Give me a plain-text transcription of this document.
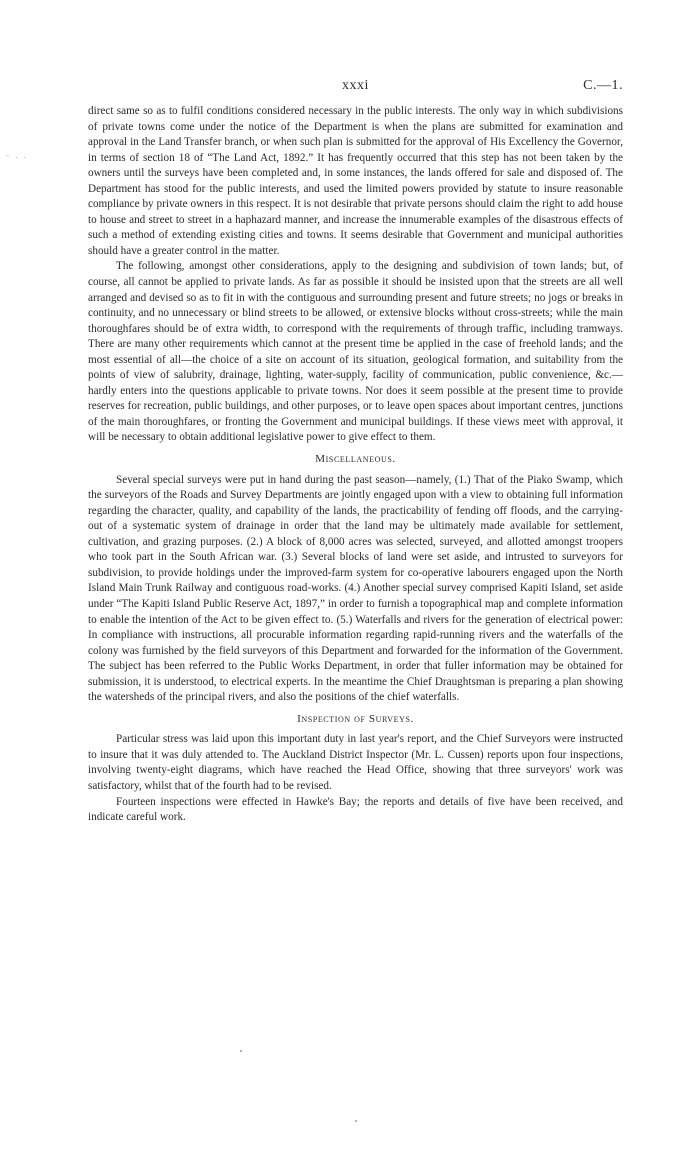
xxxi	C.—1.
- . .

direct same so as to fulfil conditions considered necessary in the public interests. The only way in which subdivisions of private towns come under the notice of the Department is when the plans are submitted for examination and approval in the Land Transfer branch, or when such plan is submitted for the approval of His Excellency the Governor, in terms of section 18 of “The Land Act, 1892.” It has frequently occurred that this step has not been taken by the owners until the surveys have been completed and, in some instances, the lands offered for sale and disposed of. The Department has stood for the public interests, and used the limited powers provided by statute to insure reasonable compliance by private owners in this respect. It is not desirable that private persons should claim the right to add house to house and street to street in a haphazard manner, and increase the innumerable examples of the disastrous effects of such a method of extending existing cities and towns. It seems desirable that Government and municipal authorities should have a greater control in the matter.

The following, amongst other considerations, apply to the designing and subdivision of town lands; but, of course, all cannot be applied to private lands. As far as possible it should be insisted upon that the streets are all well arranged and devised so as to fit in with the contiguous and surrounding present and future streets; no jogs or breaks in continuity, and no unnecessary or blind streets to be allowed, or extensive blocks without cross-streets; while the main thoroughfares should be of extra width, to correspond with the requirements of through traffic, including tramways. There are many other requirements which cannot at the present time be applied in the case of freehold lands; and the most essential of all—the choice of a site on account of its situation, geological formation, and suitability from the points of view of salubrity, drainage, lighting, water-supply, facility of communication, public convenience, &c.—hardly enters into the questions applicable to private towns. Nor does it seem possible at the present time to provide reserves for recreation, public buildings, and other purposes, or to leave open spaces about important centres, junctions of the main thoroughfares, or fronting the Government and municipal buildings. If these views meet with approval, it will be necessary to obtain additional legislative power to give effect to them.

Miscellaneous.

Several special surveys were put in hand during the past season—namely, (1.) That of the Piako Swamp, which the surveyors of the Roads and Survey Departments are jointly engaged upon with a view to obtaining full information regarding the character, quality, and capability of the lands, the practicability of fending off floods, and the carrying-out of a systematic system of drainage in order that the land may be ultimately made available for settlement, cultivation, and grazing purposes. (2.) A block of 8,000 acres was selected, surveyed, and allotted amongst troopers who took part in the South African war. (3.) Several blocks of land were set aside, and intrusted to surveyors for subdivision, to provide holdings under the improved-farm system for co-operative labourers engaged upon the North Island Main Trunk Railway and contiguous road-works. (4.) Another special survey comprised Kapiti Island, set aside under “The Kapiti Island Public Reserve Act, 1897,” in order to furnish a topographical map and complete information to enable the intention of the Act to be given effect to. (5.) Waterfalls and rivers for the generation of electrical power: In compliance with instructions, all procurable information regarding rapid-running rivers and the waterfalls of the colony was furnished by the field surveyors of this Department and forwarded for the information of the Government. The subject has been referred to the Public Works Department, in order that fuller information may be obtained for submission, it is understood, to electrical experts. In the meantime the Chief Draughtsman is preparing a plan showing the watersheds of the principal rivers, and also the positions of the chief waterfalls.

Inspection of Surveys.

Particular stress was laid upon this important duty in last year's report, and the Chief Surveyors were instructed to insure that it was duly attended to. The Auckland District Inspector (Mr. L. Cussen) reports upon four inspections, involving twenty-eight diagrams, which have reached the Head Office, showing that three surveyors' work was satisfactory, whilst that of the fourth had to be revised.

Fourteen inspections were effected in Hawke's Bay; the reports and details of five have been received, and indicate careful work.
